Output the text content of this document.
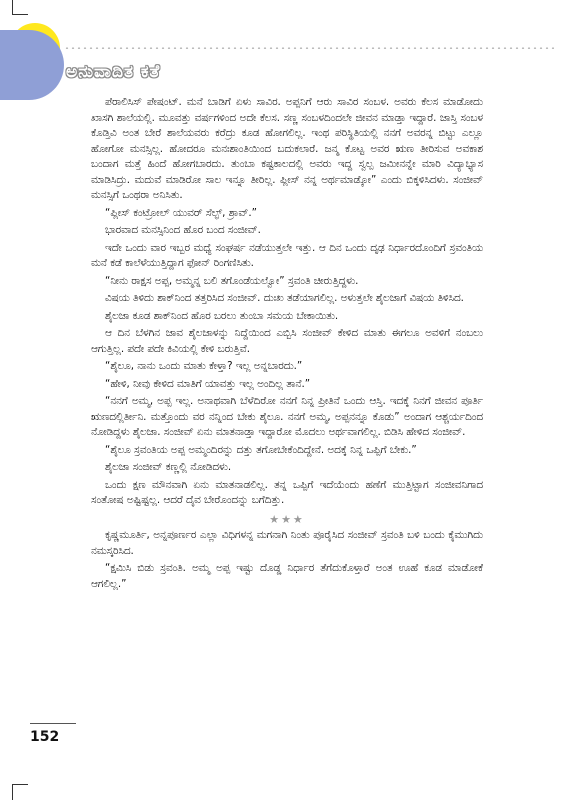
ಅನುವಾದಿತ ಕತೆ

ಪೆರಾಲಿಸಿಸ್ ಪೇಷಂಟ್. ಮನೆ ಬಾಡಿಗೆ ಏಳು ಸಾವಿರ. ಅಪ್ಪನಿಗೆ ಆರು ಸಾವಿರ ಸಂಬಳ. ಅವರು ಕೆಲಸ ಮಾಡೋದು ಖಾಸಗಿ ಶಾಲೆಯಲ್ಲಿ. ಮೂವತ್ತು ವರ್ಷಗಳಿಂದ ಅದೇ ಕೆಲಸ. ಸಣ್ಣ ಸಂಬಳದಿಂದಲೇ ಜೀವನ ಮಾಡ್ತಾ ಇದ್ದಾರೆ. ಜಾಸ್ತಿ ಸಂಬಳ ಕೊಡ್ತಿವಿ ಅಂತ ಬೇರೆ ಶಾಲೆಯವರು ಕರೆದ್ರು ಕೂಡ ಹೋಗಲಿಲ್ಲ. ಇಂಥ ಪರಿಸ್ಥಿತಿಯಲ್ಲಿ ನನಗೆ ಅವರನ್ನ ಬಿಟ್ಟು ಎಲ್ಲೂ ಹೋಗೋ ಮನಸ್ಸಿಲ್ಲ. ಹೋದರೂ ಮನಃಶಾಂತಿಯಿಂದ ಬದುಕಲಾರೆ. ಜನ್ಮ ಕೊಟ್ಟ ಅವರ ಋಣ ತೀರಿಸುವ ಅವಕಾಶ ಬಂದಾಗ ಮತ್ತೆ ಹಿಂದೆ ಹೋಗಬಾರದು. ತುಂಬಾ ಕಷ್ಟಕಾಲದಲ್ಲಿ ಅವರು ಇದ್ದ ಸ್ವಲ್ಪ ಜಮೀನನ್ನೇ ಮಾರಿ ವಿದ್ಯಾಭ್ಯಾಸ ಮಾಡಿಸಿದ್ರು. ಮದುವೆ ಮಾಡಿರೋ ಸಾಲ ಇನ್ನೂ ತೀರಿಲ್ಲ. ಪ್ಲೀಸ್ ನನ್ನ ಅರ್ಥಮಾಡ್ಕೋ” ಎಂದು ಬಿಕ್ಕಳಿಸಿದಳು. ಸಂಜೀವ್ ಮನಸ್ಸಿಗೆ ಒಂಥರಾ ಅನಿಸಿತು.

“ಪ್ಲೀಸ್ ಕಂಟ್ರೋಲ್ ಯುವರ್ ಸೆಲ್ಫ್, ಶ್ರಾವ್.”

ಭಾರವಾದ ಮನಸ್ಸಿನಿಂದ ಹೊರ ಬಂದ ಸಂಜೀವ್.

ಇದೇ ಒಂದು ವಾರ ಇಬ್ಬರ ಮಧ್ಯೆ ಸಂಘರ್ಷ ನಡೆಯುತ್ತಲೇ ಇತ್ತು. ಆ ದಿನ ಒಂದು ದೃಢ ನಿರ್ಧಾರದೊಂದಿಗೆ ಸ್ರವಂತಿಯ ಮನೆ ಕಡೆ ಕಾಲೆಳೆಯುತ್ತಿದ್ದಾಗ ಫೋನ್ ರಿಂಗಣಿಸಿತು.

“ನೀನು ರಾಕ್ಷಸ ಅಪ್ಪ, ಅಮ್ಮನ್ನ ಬಲಿ ತಗೊಂಡೆಯಲ್ವೋ” ಸ್ರವಂತಿ ಚೀರುತ್ತಿದ್ದಳು.

ವಿಷಯ ತಿಳಿದು ಶಾಕ್‌ನಿಂದ ತತ್ತರಿಸಿದ ಸಂಜೀವ್. ದುಃಖ ತಡೆಯಾಗಲಿಲ್ಲ. ಅಳುತ್ತಲೇ ಶೈಲಜಾಗೆ ವಿಷಯ ತಿಳಿಸಿದ.

ಶೈಲಜಾ ಕೂಡ ಶಾಕ್‌ನಿಂದ ಹೊರ ಬರಲು ತುಂಬಾ ಸಮಯ ಬೇಕಾಯಿತು.

ಆ ದಿನ ಬೆಳಗಿನ ಜಾವ ಶೈಲಜಾಳನ್ನು ನಿದ್ದೆಯಿಂದ ಎಬ್ಬಿಸಿ ಸಂಜೀವ್ ಕೇಳಿದ ಮಾತು ಈಗಲೂ ಅವಳಿಗೆ ನಂಬಲು ಆಗುತ್ತಿಲ್ಲ. ಪದೇ ಪದೇ ಕಿವಿಯಲ್ಲಿ ಕೇಳಿ ಬರುತ್ತಿವೆ.

“ಶೈಲೂ, ನಾನು ಒಂದು ಮಾತು ಕೇಳ್ತಾ? ಇಲ್ಲ ಅನ್ನಬಾರದು.”

“ಹೇಳಿ, ನೀವು ಕೇಳಿದ ಮಾತಿಗೆ ಯಾವತ್ತು ಇಲ್ಲ ಅಂದಿಲ್ಲ ತಾನೆ.”

“ನನಗೆ ಅಮ್ಮ, ಅಪ್ಪ ಇಲ್ಲ. ಅನಾಥವಾಗಿ ಬೆಳೆದಿರೋ ನನಗೆ ನಿನ್ನ ಪ್ರೀತಿನೆ ಒಂದು ಆಸ್ತಿ. ಇದಕ್ಕೆ ನಿನಗೆ ಜೀವನ ಪೂರ್ತಿ ಋಣದಲ್ಲಿರ್ತೀನಿ. ಮತ್ತೊಂದು ವರ ನನ್ನಿಂದ ಬೇಕು ಶೈಲೂ. ನನಗೆ ಅಮ್ಮ, ಅಪ್ಪನನ್ನೂ ಕೊಡು” ಅಂದಾಗ ಆಶ್ಚರ್ಯದಿಂದ ನೋಡಿದ್ದಳು ಶೈಲಜಾ. ಸಂಜೀವ್ ಏನು ಮಾತನಾಡ್ತಾ ಇದ್ದಾರೋ ಮೊದಲು ಅರ್ಥವಾಗಲಿಲ್ಲ. ಬಿಡಿಸಿ ಹೇಳಿದ ಸಂಜೀವ್.

“ಶೈಲೂ ಸ್ರವಂತಿಯ ಅಪ್ಪ ಅಮ್ಮಂದಿರನ್ನು ದತ್ತು ತಗೋಬೇಕೆಂದಿದ್ದೇನೆ. ಅದಕ್ಕೆ ನಿನ್ನ ಒಪ್ಪಿಗೆ ಬೇಕು.”

ಶೈಲಜಾ ಸಂಜೀವ್ ಕಣ್ಣಲ್ಲಿ ನೋಡಿದಳು.

ಒಂದು ಕ್ಷಣ ಮೌನವಾಗಿ ಏನು ಮಾತನಾಡಲಿಲ್ಲ. ತನ್ನ ಒಪ್ಪಿಗೆ ಇದೆಯೆಂದು ಹಣೆಗೆ ಮುತ್ತಿಟ್ಟಾಗ ಸಂಜೀವನಿಗಾದ ಸಂತೋಷ ಅಷ್ಟಿಷ್ಟಲ್ಲ. ಆದರೆ ದೈವ ಬೇರೊಂದನ್ನು ಬಗೆದಿತ್ತು.

★★★

ಕೃಷ್ಣಮೂರ್ತಿ, ಅನ್ನಪೂರ್ಣರ ಎಲ್ಲಾ ವಿಧಿಗಳನ್ನ ಮಗನಾಗಿ ನಿಂತು ಪೂರೈಸಿದ ಸಂಜೀವ್ ಸ್ರವಂತಿ ಬಳಿ ಬಂದು ಕೈಮುಗಿದು ನಮಸ್ಕರಿಸಿದ.

“ಕ್ಷಮಿಸಿ ಬಿಡು ಸ್ರವಂತಿ. ಅಮ್ಮ ಅಪ್ಪ ಇಷ್ಟು ದೊಡ್ಡ ನಿರ್ಧಾರ ತೆಗೆದುಕೊಳ್ತಾರೆ ಅಂತ ಊಹೆ ಕೂಡ ಮಾಡೋಕೆ ಆಗಲಿಲ್ಲ.”

152
